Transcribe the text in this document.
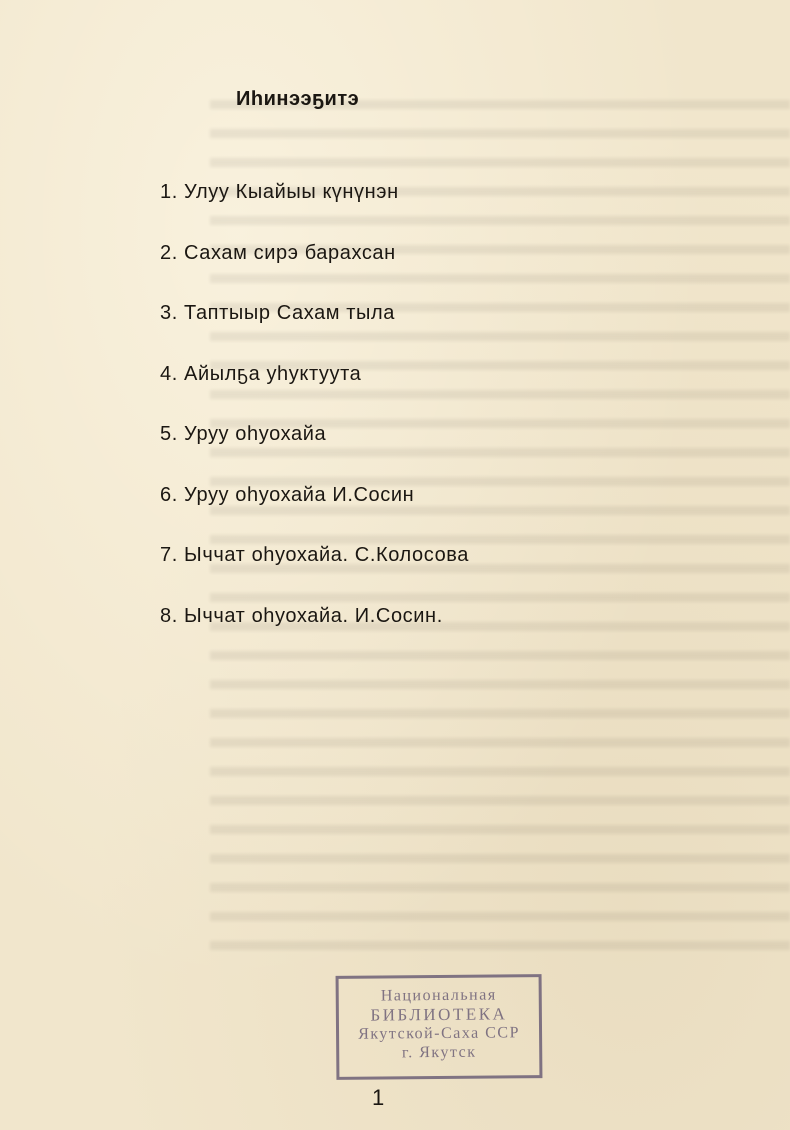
Иһинээҕитэ
1. Улуу Кыайыы күнүнэн
2. Сахам сирэ барахсан
3. Таптыыр Сахам тыла
4. Айылҕа уһуктуута
5. Уруу оһуохайа
6. Уруу оһуохайа И.Сосин
7. Ыччат оһуохайа. С.Колосова
8. Ыччат оһуохайа. И.Сосин.
Национальная
БИБЛИОТЕКА
Якутской-Саха ССР
г. Якутск
1
